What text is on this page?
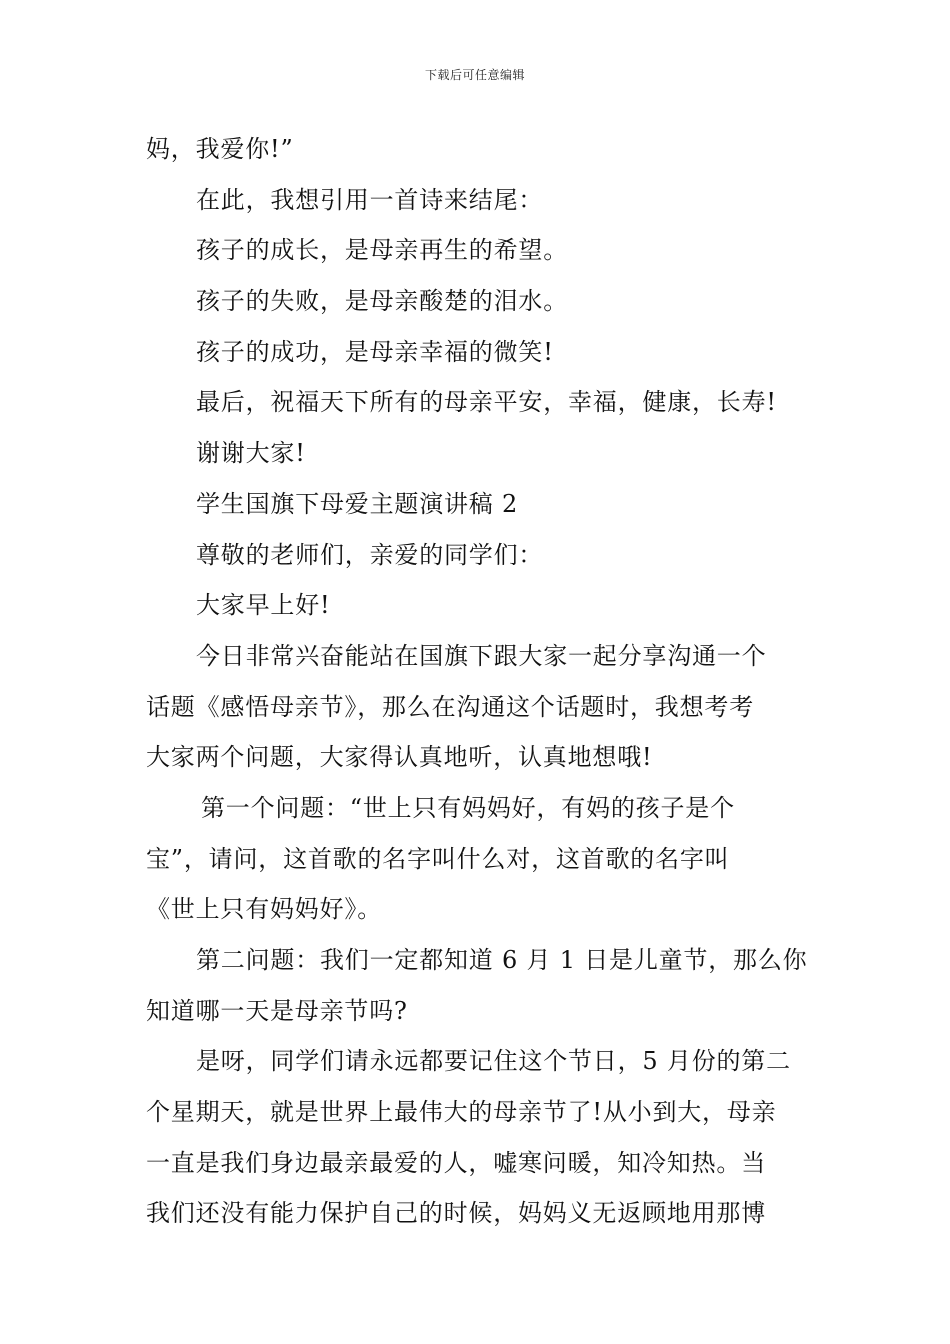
下载后可任意编辑
妈，我爱你!”
在此，我想引用一首诗来结尾：
孩子的成长，是母亲再生的希望。
孩子的失败，是母亲酸楚的泪水。
孩子的成功，是母亲幸福的微笑!
最后，祝福天下所有的母亲平安，幸福，健康，长寿!
谢谢大家!
学生国旗下母爱主题演讲稿 2
尊敬的老师们，亲爱的同学们：
大家早上好!
今日非常兴奋能站在国旗下跟大家一起分享沟通一个
话题《感悟母亲节》，那么在沟通这个话题时，我想考考
大家两个问题，大家得认真地听，认真地想哦!
第一个问题：“世上只有妈妈好，有妈的孩子是个
宝”，请问，这首歌的名字叫什么对，这首歌的名字叫
《世上只有妈妈好》。
第二问题：我们一定都知道 6 月 1 日是儿童节，那么你
知道哪一天是母亲节吗?
是呀，同学们请永远都要记住这个节日，5 月份的第二
个星期天，就是世界上最伟大的母亲节了!从小到大，母亲
一直是我们身边最亲最爱的人，嘘寒问暖，知冷知热。当
我们还没有能力保护自己的时候，妈妈义无返顾地用那博
